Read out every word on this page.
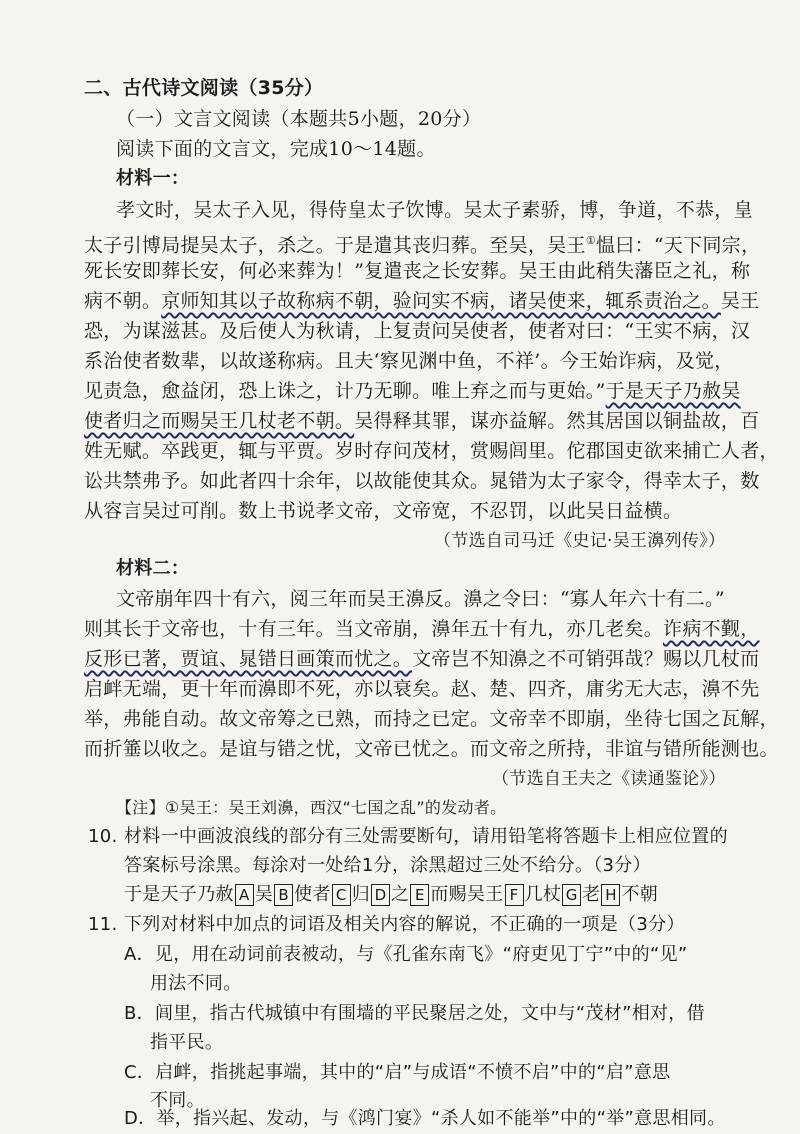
二、古代诗文阅读（35分）
（一）文言文阅读（本题共5小题，20分）
阅读下面的文言文，完成10～14题。
材料一：
孝文时，吴太子入见，得侍皇太子饮博。吴太子素骄，博，争道，不恭，皇
太子引博局提吴太子，杀之。于是遣其丧归葬。至吴，吴王①愠曰：“天下同宗，
死长安即葬长安，何必来葬为！”复遣丧之长安葬。吴王由此稍失藩臣之礼，称
病不朝。京师知其以子故称病不朝，验问实不病，诸吴使来，辄系责治之。吴王
恐，为谋滋甚。及后使人为秋请，上复责问吴使者，使者对曰：“王实不病，汉
系治使者数辈，以故遂称病。且夫‘察见渊中鱼，不祥’。今王始诈病，及觉，
见责急，愈益闭，恐上诛之，计乃无聊。唯上弃之而与更始。”于是天子乃赦吴
使者归之而赐吴王几杖老不朝。吴得释其罪，谋亦益解。然其居国以铜盐故，百
姓无赋。卒践更，辄与平贾。岁时存问茂材，赏赐闾里。佗郡国吏欲来捕亡人者，
讼共禁弗予。如此者四十余年，以故能使其众。晁错为太子家令，得幸太子，数
从容言吴过可削。数上书说孝文帝，文帝宽，不忍罚，以此吴日益横。
（节选自司马迁《史记·吴王濞列传》）
材料二：
文帝崩年四十有六，阅三年而吴王濞反。濞之令曰：“寡人年六十有二。”
则其长于文帝也，十有三年。当文帝崩，濞年五十有九，亦几老矣。诈病不觐，
反形已著，贾谊、晁错日画策而忧之。文帝岂不知濞之不可销弭哉？赐以几杖而
启衅无端，更十年而濞即不死，亦以衰矣。赵、楚、四齐，庸劣无大志，濞不先
举，弗能自动。故文帝筹之已熟，而持之已定。文帝幸不即崩，坐待七国之瓦解，
而折箠以收之。是谊与错之忧，文帝已忧之。而文帝之所持，非谊与错所能测也。
（节选自王夫之《读通鉴论》）
【注】①吴王：吴王刘濞，西汉“七国之乱”的发动者。
10. 材料一中画波浪线的部分有三处需要断句，请用铅笔将答题卡上相应位置的
答案标号涂黑。每涂对一处给1分，涂黑超过三处不给分。（3分）
于是天子乃赦 A 吴 B 使者 C 归 D 之 E 而赐吴王 F 几杖 G 老 H 不朝
11. 下列对材料中加点的词语及相关内容的解说，不正确的一项是（3分）
A．见，用在动词前表被动，与《孔雀东南飞》“府吏见丁宁”中的“见”
用法不同。
B．闾里，指古代城镇中有围墙的平民聚居之处，文中与“茂材”相对，借
指平民。
C．启衅，指挑起事端，其中的“启”与成语“不愤不启”中的“启”意思
不同。
D．举，指兴起、发动，与《鸿门宴》“杀人如不能举”中的“举”意思相同。
